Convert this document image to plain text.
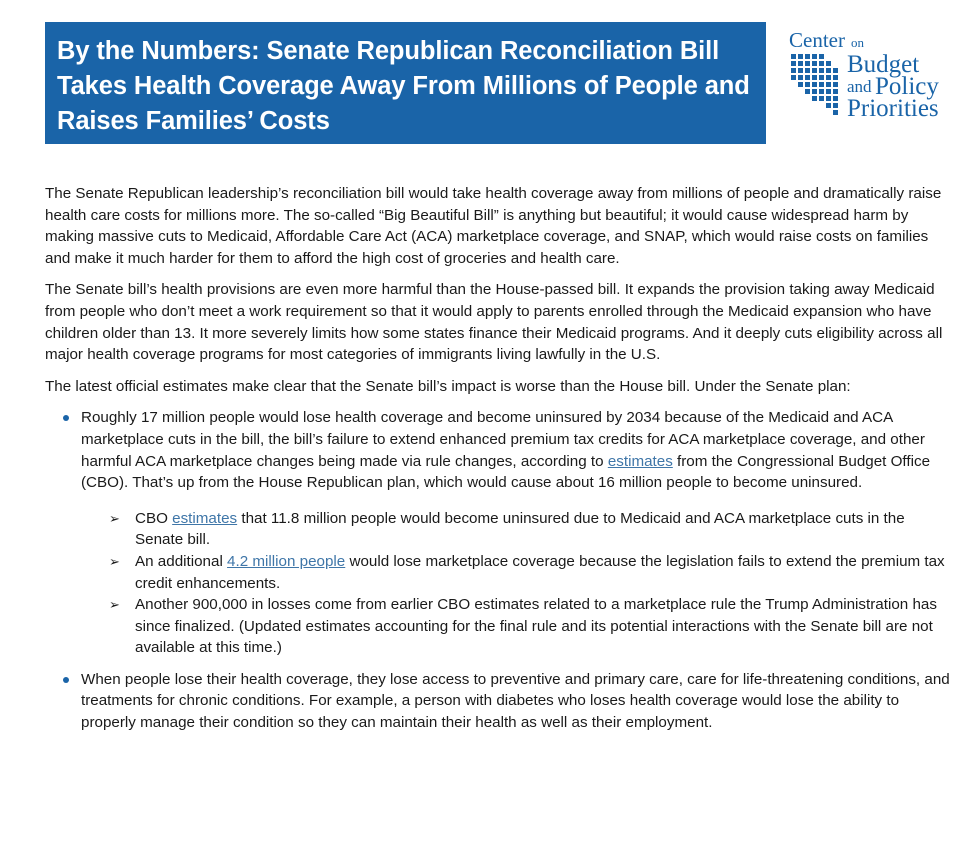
By the Numbers: Senate Republican Reconciliation Bill Takes Health Coverage Away From Millions of People and Raises Families’ Costs
Center on
Budget
and Policy
Priorities

The Senate Republican leadership’s reconciliation bill would take health coverage away from millions of people and dramatically raise health care costs for millions more. The so-called “Big Beautiful Bill” is anything but beautiful; it would cause widespread harm by making massive cuts to Medicaid, Affordable Care Act (ACA) marketplace coverage, and SNAP, which would raise costs on families and make it much harder for them to afford the high cost of groceries and health care.

The Senate bill’s health provisions are even more harmful than the House-passed bill. It expands the provision taking away Medicaid from people who don’t meet a work requirement so that it would apply to parents enrolled through the Medicaid expansion who have children older than 13. It more severely limits how some states finance their Medicaid programs. And it deeply cuts eligibility across all major health coverage programs for most categories of immigrants living lawfully in the U.S.

The latest official estimates make clear that the Senate bill’s impact is worse than the House bill. Under the Senate plan:

Roughly 17 million people would lose health coverage and become uninsured by 2034 because of the Medicaid and ACA marketplace cuts in the bill, the bill’s failure to extend enhanced premium tax credits for ACA marketplace coverage, and other harmful ACA marketplace changes being made via rule changes, according to estimates from the Congressional Budget Office (CBO). That’s up from the House Republican plan, which would cause about 16 million people to become uninsured.
➢ CBO estimates that 11.8 million people would become uninsured due to Medicaid and ACA marketplace cuts in the Senate bill.
➢ An additional 4.2 million people would lose marketplace coverage because the legislation fails to extend the premium tax credit enhancements.
➢ Another 900,000 in losses come from earlier CBO estimates related to a marketplace rule the Trump Administration has since finalized. (Updated estimates accounting for the final rule and its potential interactions with the Senate bill are not available at this time.)
When people lose their health coverage, they lose access to preventive and primary care, care for life-threatening conditions, and treatments for chronic conditions. For example, a person with diabetes who loses health coverage would lose the ability to properly manage their condition so they can maintain their health as well as their employment.
